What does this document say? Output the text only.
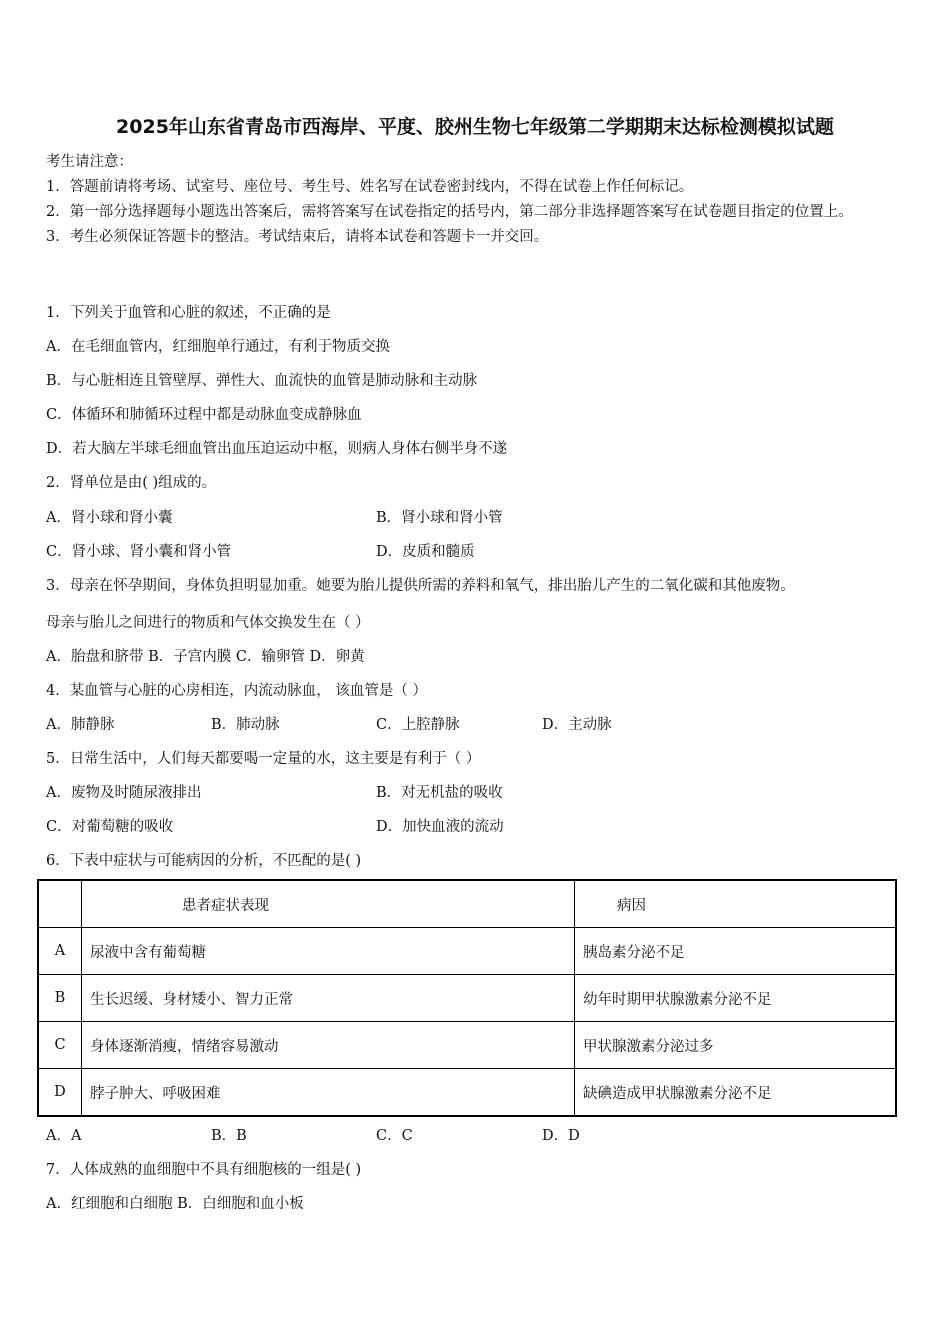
2025年山东省青岛市西海岸、平度、胶州生物七年级第二学期期末达标检测模拟试题
考生请注意：
1．答题前请将考场、试室号、座位号、考生号、姓名写在试卷密封线内，不得在试卷上作任何标记。
2．第一部分选择题每小题选出答案后，需将答案写在试卷指定的括号内，第二部分非选择题答案写在试卷题目指定的位置上。
3．考生必须保证答题卡的整洁。考试结束后，请将本试卷和答题卡一并交回。
1．下列关于血管和心脏的叙述，不正确的是
A．在毛细血管内，红细胞单行通过，有利于物质交换
B．与心脏相连且管壁厚、弹性大、血流快的血管是肺动脉和主动脉
C．体循环和肺循环过程中都是动脉血变成静脉血
D．若大脑左半球毛细血管出血压迫运动中枢，则病人身体右侧半身不遂
2．肾单位是由( )组成的。
A．肾小球和肾小囊	B．肾小球和肾小管
C．肾小球、肾小囊和肾小管	D．皮质和髓质
3．母亲在怀孕期间，身体负担明显加重。她要为胎儿提供所需的养料和氧气，排出胎儿产生的二氧化碳和其他废物。
母亲与胎儿之间进行的物质和气体交换发生在（ ）
A．胎盘和脐带 B．子宫内膜 C．输卵管 D．卵黄
4．某血管与心脏的心房相连，内流动脉血， 该血管是（ ）
A．肺静脉	B．肺动脉	C．上腔静脉	D．主动脉
5．日常生活中，人们每天都要喝一定量的水，这主要是有利于（ ）
A．废物及时随尿液排出	B．对无机盐的吸收
C．对葡萄糖的吸收	D．加快血液的流动
6．下表中症状与可能病因的分析，不匹配的是( )
	患者症状表现	病因
A	尿液中含有葡萄糖	胰岛素分泌不足
B	生长迟缓、身材矮小、智力正常	幼年时期甲状腺激素分泌不足
C	身体逐渐消瘦，情绪容易激动	甲状腺激素分泌过多
D	脖子肿大、呼吸困难	缺碘造成甲状腺激素分泌不足
A．A	B．B	C．C	D．D
7．人体成熟的血细胞中不具有细胞核的一组是( )
A．红细胞和白细胞 B．白细胞和血小板
